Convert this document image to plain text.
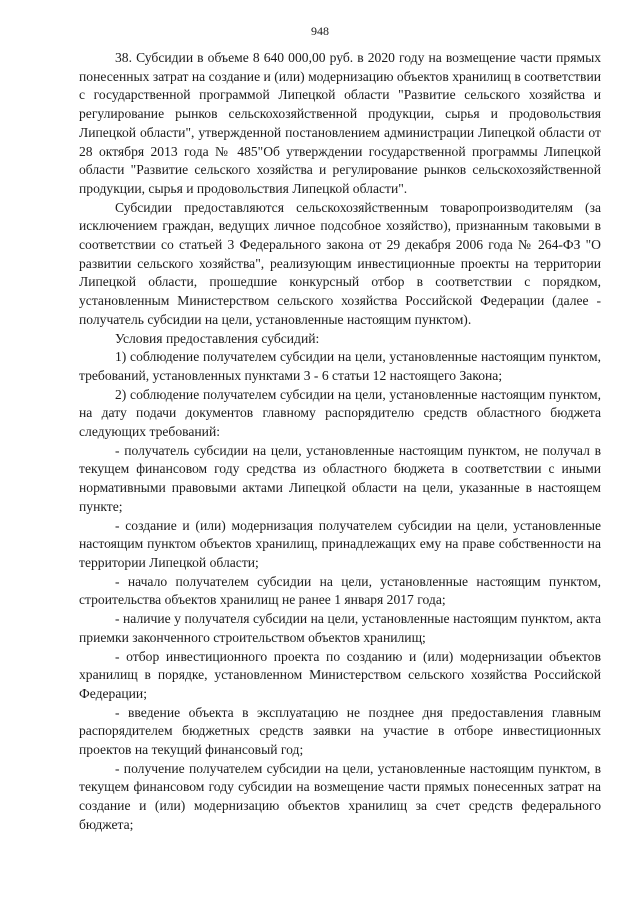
948

38. Субсидии в объеме 8 640 000,00 руб. в 2020 году на возмещение части прямых понесенных затрат на создание и (или) модернизацию объектов хранилищ в соответствии с государственной программой Липецкой области "Развитие сельского хозяйства и регулирование рынков сельскохозяйственной продукции, сырья и продовольствия Липецкой области", утвержденной постановлением администрации Липецкой области от 28 октября 2013 года № 485"Об утверждении государственной программы Липецкой области "Развитие сельского хозяйства и регулирование рынков сельскохозяйственной продукции, сырья и продовольствия Липецкой области".

Субсидии предоставляются сельскохозяйственным товаропроизводителям (за исключением граждан, ведущих личное подсобное хозяйство), признанным таковыми в соответствии со статьей 3 Федерального закона от 29 декабря 2006 года № 264-ФЗ "О развитии сельского хозяйства", реализующим инвестиционные проекты на территории Липецкой области, прошедшие конкурсный отбор в соответствии с порядком, установленным Министерством сельского хозяйства Российской Федерации (далее - получатель субсидии на цели, установленные настоящим пунктом).

Условия предоставления субсидий:

1) соблюдение получателем субсидии на цели, установленные настоящим пунктом, требований, установленных пунктами 3 - 6 статьи 12 настоящего Закона;

2) соблюдение получателем субсидии на цели, установленные настоящим пунктом, на дату подачи документов главному распорядителю средств областного бюджета следующих требований:

- получатель субсидии на цели, установленные настоящим пунктом, не получал в текущем финансовом году средства из областного бюджета в соответствии с иными нормативными правовыми актами Липецкой области на цели, указанные в настоящем пункте;

- создание и (или) модернизация получателем субсидии на цели, установленные настоящим пунктом объектов хранилищ, принадлежащих ему на праве собственности на территории Липецкой области;

- начало получателем субсидии на цели, установленные настоящим пунктом, строительства объектов хранилищ не ранее 1 января 2017 года;

- наличие у получателя субсидии на цели, установленные настоящим пунктом, акта приемки законченного строительством объектов хранилищ;

- отбор инвестиционного проекта по созданию и (или) модернизации объектов хранилищ в порядке, установленном Министерством сельского хозяйства Российской Федерации;

- введение объекта в эксплуатацию не позднее дня предоставления главным распорядителем бюджетных средств заявки на участие в отборе инвестиционных проектов на текущий финансовый год;

- получение получателем субсидии на цели, установленные настоящим пунктом, в текущем финансовом году субсидии на возмещение части прямых понесенных затрат на создание и (или) модернизацию объектов хранилищ за счет средств федерального бюджета;
